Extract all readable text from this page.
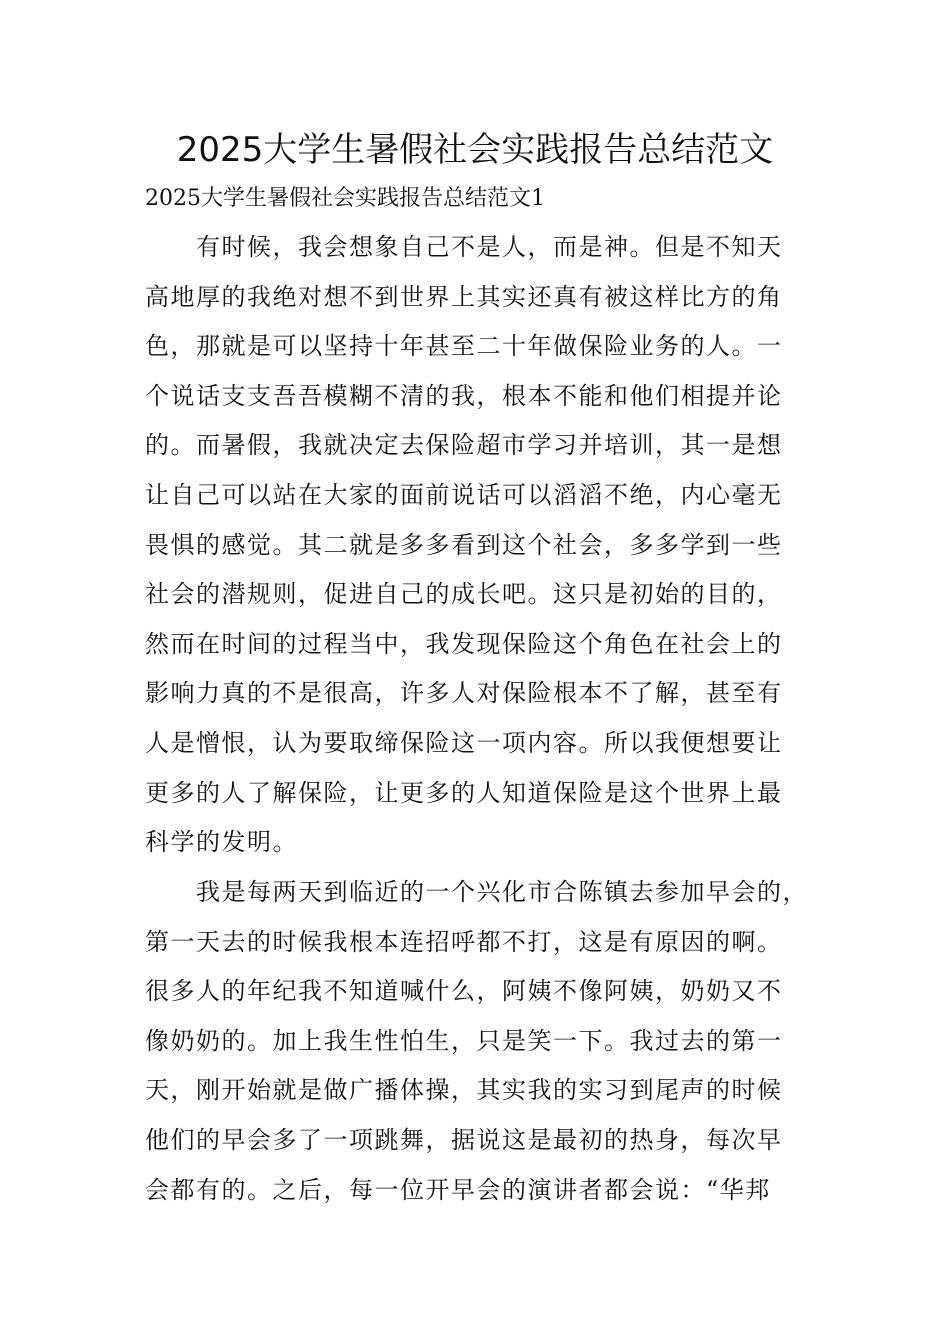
2025大学生暑假社会实践报告总结范文

2025大学生暑假社会实践报告总结范文1

　　有时候，我会想象自己不是人，而是神。但是不知天
高地厚的我绝对想不到世界上其实还真有被这样比方的角
色，那就是可以坚持十年甚至二十年做保险业务的人。一
个说话支支吾吾模糊不清的我，根本不能和他们相提并论
的。而暑假，我就决定去保险超市学习并培训，其一是想
让自己可以站在大家的面前说话可以滔滔不绝，内心毫无
畏惧的感觉。其二就是多多看到这个社会，多多学到一些
社会的潜规则，促进自己的成长吧。这只是初始的目的，
然而在时间的过程当中，我发现保险这个角色在社会上的
影响力真的不是很高，许多人对保险根本不了解，甚至有
人是憎恨，认为要取缔保险这一项内容。所以我便想要让
更多的人了解保险，让更多的人知道保险是这个世界上最
科学的发明。
　　我是每两天到临近的一个兴化市合陈镇去参加早会的，
第一天去的时候我根本连招呼都不打，这是有原因的啊。
很多人的年纪我不知道喊什么，阿姨不像阿姨，奶奶又不
像奶奶的。加上我生性怕生，只是笑一下。我过去的第一
天，刚开始就是做广播体操，其实我的实习到尾声的时候
他们的早会多了一项跳舞，据说这是最初的热身，每次早
会都有的。之后，每一位开早会的演讲者都会说：“华邦
